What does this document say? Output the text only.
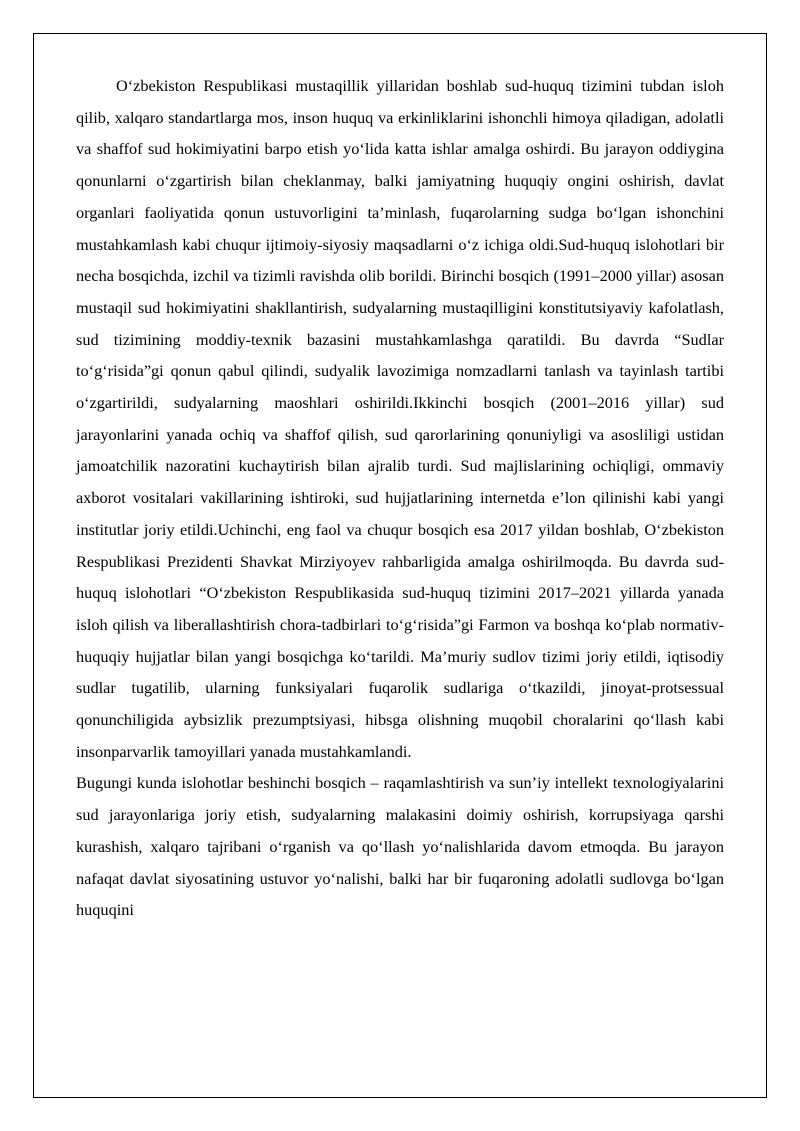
O‘zbekiston Respublikasi mustaqillik yillaridan boshlab sud-huquq tizimini tubdan isloh qilib, xalqaro standartlarga mos, inson huquq va erkinliklarini ishonchli himoya qiladigan, adolatli va shaffof sud hokimiyatini barpo etish yo‘lida katta ishlar amalga oshirdi. Bu jarayon oddiygina qonunlarni o‘zgartirish bilan cheklanmay, balki jamiyatning huquqiy ongini oshirish, davlat organlari faoliyatida qonun ustuvorligini ta’minlash, fuqarolarning sudga bo‘lgan ishonchini mustahkamlash kabi chuqur ijtimoiy-siyosiy maqsadlarni o‘z ichiga oldi.Sud-huquq islohotlari bir necha bosqichda, izchil va tizimli ravishda olib borildi. Birinchi bosqich (1991–2000 yillar) asosan mustaqil sud hokimiyatini shakllantirish, sudyalarning mustaqilligini konstitutsiyaviy kafolatlash, sud tizimining moddiy-texnik bazasini mustahkamlashga qaratildi. Bu davrda “Sudlar to‘g‘risida”gi qonun qabul qilindi, sudyalik lavozimiga nomzadlarni tanlash va tayinlash tartibi o‘zgartirildi, sudyalarning maoshlari oshirildi.Ikkinchi bosqich (2001–2016 yillar) sud jarayonlarini yanada ochiq va shaffof qilish, sud qarorlarining qonuniyligi va asosliligi ustidan jamoatchilik nazoratini kuchaytirish bilan ajralib turdi. Sud majlislarining ochiqligi, ommaviy axborot vositalari vakillarining ishtiroki, sud hujjatlarining internetda e’lon qilinishi kabi yangi institutlar joriy etildi.Uchinchi, eng faol va chuqur bosqich esa 2017 yildan boshlab, O‘zbekiston Respublikasi Prezidenti Shavkat Mirziyoyev rahbarligida amalga oshirilmoqda. Bu davrda sud-huquq islohotlari “O‘zbekiston Respublikasida sud-huquq tizimini 2017–2021 yillarda yanada isloh qilish va liberallashtirish chora-tadbirlari to‘g‘risida”gi Farmon va boshqa ko‘plab normativ-huquqiy hujjatlar bilan yangi bosqichga ko‘tarildi. Ma’muriy sudlov tizimi joriy etildi, iqtisodiy sudlar tugatilib, ularning funksiyalari fuqarolik sudlariga o‘tkazildi, jinoyat-protsessual qonunchiligida aybsizlik prezumptsiyasi, hibsga olishning muqobil choralarini qo‘llash kabi insonparvarlik tamoyillari yanada mustahkamlandi.

Bugungi kunda islohotlar beshinchi bosqich – raqamlashtirish va sun’iy intellekt texnologiyalarini sud jarayonlariga joriy etish, sudyalarning malakasini doimiy oshirish, korrupsiyaga qarshi kurashish, xalqaro tajribani o‘rganish va qo‘llash yo‘nalishlarida davom etmoqda. Bu jarayon nafaqat davlat siyosatining ustuvor yo‘nalishi, balki har bir fuqaroning adolatli sudlovga bo‘lgan huquqini
